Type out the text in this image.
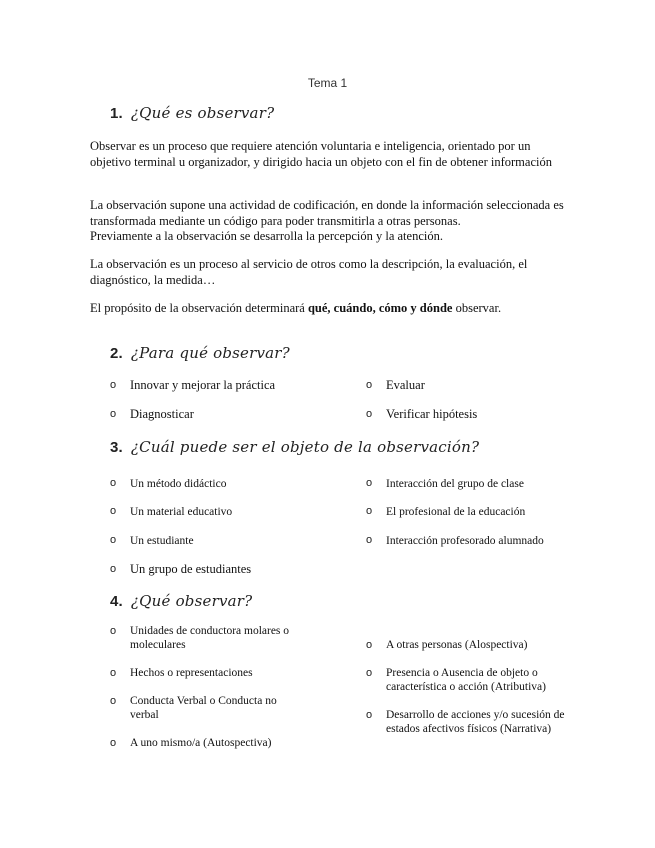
Tema 1
1. ¿Qué es observar?
Observar es un proceso que requiere atención voluntaria e inteligencia, orientado por un objetivo terminal u organizador, y dirigido hacia un objeto con el fin de obtener información
La observación supone una actividad de codificación, en donde la información seleccionada es transformada mediante un código para poder transmitirla a otras personas.
Previamente a la observación se desarrolla la percepción y la atención.
La observación es un proceso al servicio de otros como la descripción, la evaluación, el diagnóstico, la medida…
El propósito de la observación determinará qué, cuándo, cómo y dónde observar.
2. ¿Para qué observar?
o Innovar y mejorar la práctica	o Evaluar
o Diagnosticar	o Verificar hipótesis
3. ¿Cuál puede ser el objeto de la observación?
o Un método didáctico	o Interacción del grupo de clase
o Un material educativo	o El profesional de la educación
o Un estudiante	o Interacción profesorado alumnado
o Un grupo de estudiantes
4. ¿Qué observar?
o Unidades de conductora molares o moleculares	o A otras personas (Alospectiva)
o Hechos o representaciones	o Presencia o Ausencia de objeto o característica o acción (Atributiva)
o Conducta Verbal o Conducta no verbal	o Desarrollo de acciones y/o sucesión de estados afectivos físicos (Narrativa)
o A uno mismo/a (Autospectiva)
